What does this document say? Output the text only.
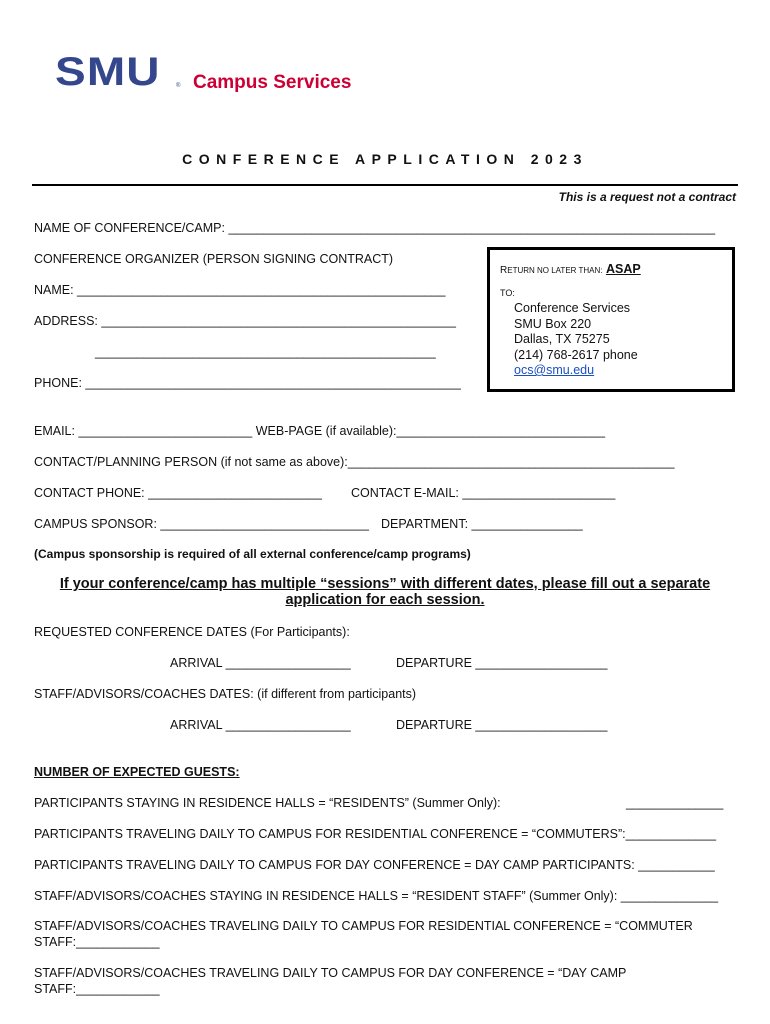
SMU	® Campus Services
CONFERENCE APPLICATION 2023
This is a request not a contract
NAME OF CONFERENCE/CAMP: ______________________________________________________________________
CONFERENCE ORGANIZER (PERSON SIGNING CONTRACT)
NAME: _____________________________________________________
ADDRESS: ___________________________________________________
_________________________________________________
PHONE: ______________________________________________________
RETURN NO LATER THAN: ASAP
TO:
Conference Services
SMU Box 220
Dallas, TX 75275
(214) 768-2617 phone
ocs@smu.edu
EMAIL: _________________________ WEB-PAGE (if available):______________________________
CONTACT/PLANNING PERSON (if not same as above):_______________________________________________
CONTACT PHONE: _________________________ CONTACT E-MAIL: ______________________
CAMPUS SPONSOR: ______________________________ DEPARTMENT: ________________
(Campus sponsorship is required of all external conference/camp programs)
If your conference/camp has multiple “sessions” with different dates, please fill out a separate
application for each session.
REQUESTED CONFERENCE DATES (For Participants):
ARRIVAL __________________	DEPARTURE ___________________
STAFF/ADVISORS/COACHES DATES: (if different from participants)
ARRIVAL __________________	DEPARTURE ___________________
NUMBER OF EXPECTED GUESTS:
PARTICIPANTS STAYING IN RESIDENCE HALLS = “RESIDENTS” (Summer Only):	______________
PARTICIPANTS TRAVELING DAILY TO CAMPUS FOR RESIDENTIAL CONFERENCE = “COMMUTERS”:_____________
PARTICIPANTS TRAVELING DAILY TO CAMPUS FOR DAY CONFERENCE = DAY CAMP PARTICIPANTS: ___________
STAFF/ADVISORS/COACHES STAYING IN RESIDENCE HALLS = “RESIDENT STAFF” (Summer Only): ______________
STAFF/ADVISORS/COACHES TRAVELING DAILY TO CAMPUS FOR RESIDENTIAL CONFERENCE = “COMMUTER
STAFF:____________
STAFF/ADVISORS/COACHES TRAVELING DAILY TO CAMPUS FOR DAY CONFERENCE = “DAY CAMP
STAFF:____________
